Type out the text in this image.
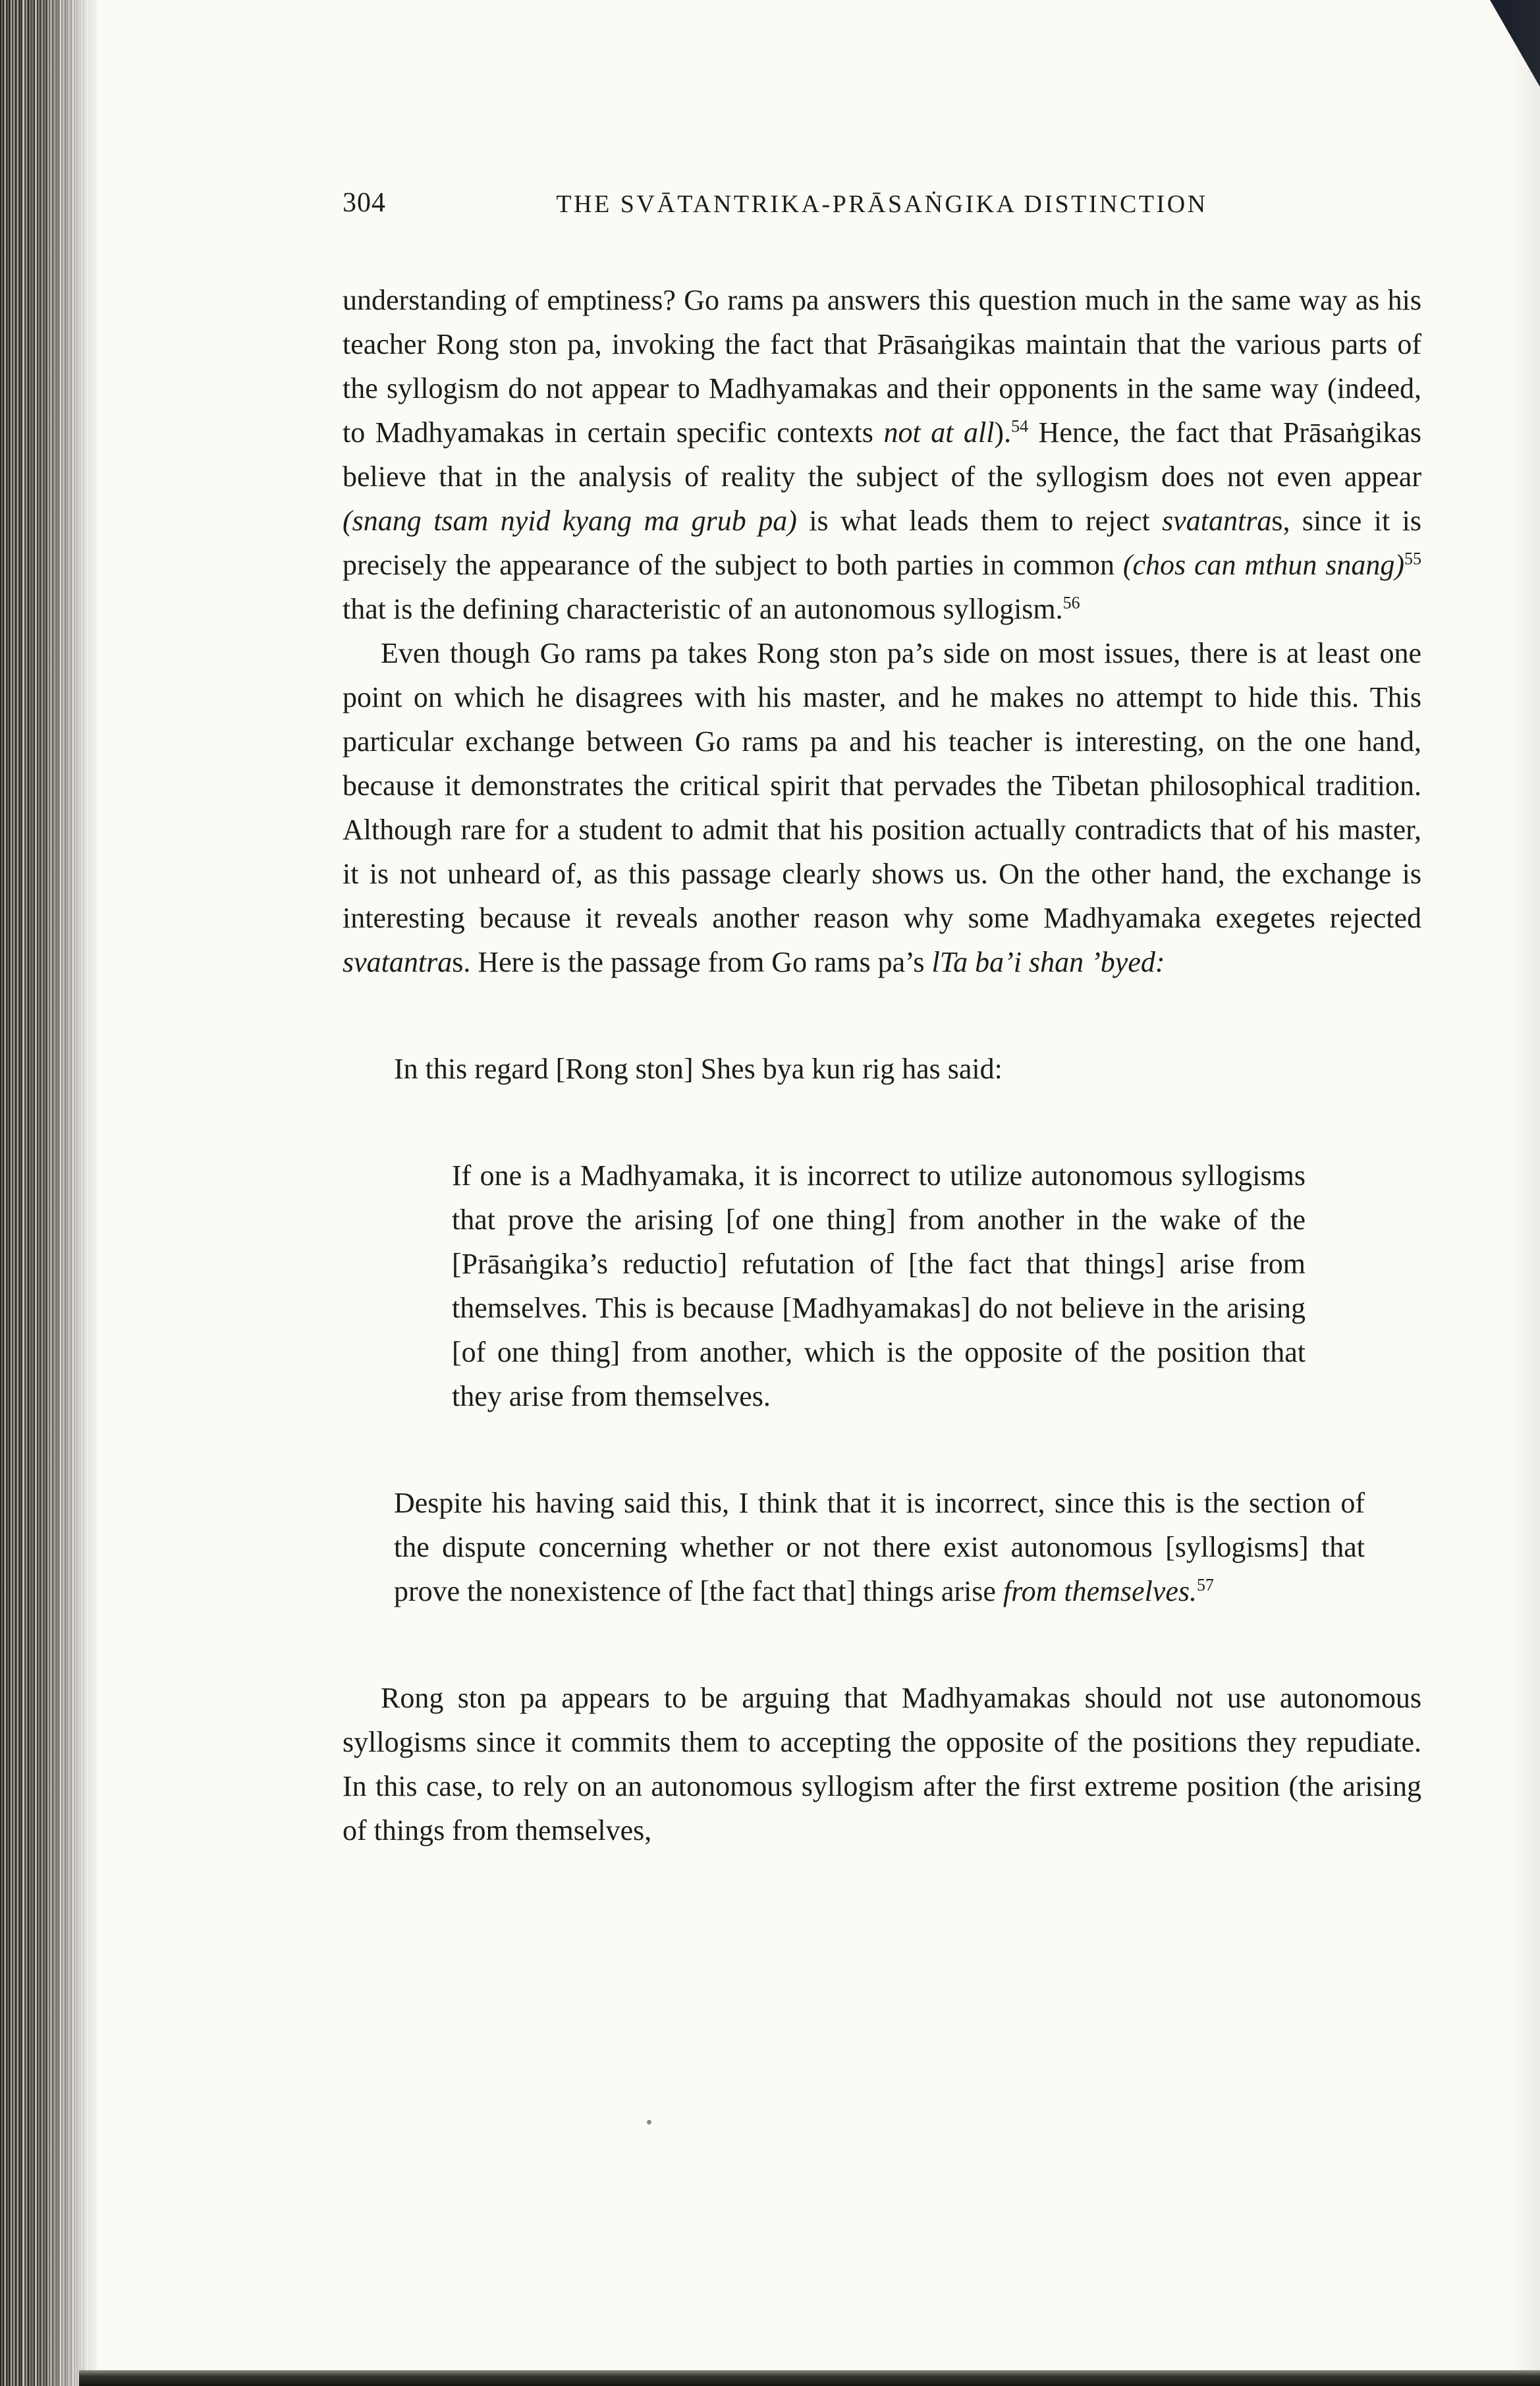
304	THE SVĀTANTRIKA-PRĀSAṄGIKA DISTINCTION

understanding of emptiness? Go rams pa answers this question much in the same way as his teacher Rong ston pa, invoking the fact that Prāsaṅgikas maintain that the various parts of the syllogism do not appear to Madhyamakas and their opponents in the same way (indeed, to Madhyamakas in certain specific contexts not at all).$^{54}$ Hence, the fact that Prāsaṅgikas believe that in the analysis of reality the subject of the syllogism does not even appear (snang tsam nyid kyang ma grub pa) is what leads them to reject svatantras, since it is precisely the appearance of the subject to both parties in common (chos can mthun snang)$^{55}$ that is the defining characteristic of an autonomous syllogism.$^{56}$

Even though Go rams pa takes Rong ston pa’s side on most issues, there is at least one point on which he disagrees with his master, and he makes no attempt to hide this. This particular exchange between Go rams pa and his teacher is interesting, on the one hand, because it demonstrates the critical spirit that pervades the Tibetan philosophical tradition. Although rare for a student to admit that his position actually contradicts that of his master, it is not unheard of, as this passage clearly shows us. On the other hand, the exchange is interesting because it reveals another reason why some Madhyamaka exegetes rejected svatantras. Here is the passage from Go rams pa’s lTa ba’i shan ’byed:

In this regard [Rong ston] Shes bya kun rig has said:
If one is a Madhyamaka, it is incorrect to utilize autonomous syllogisms that prove the arising [of one thing] from another in the wake of the [Prāsaṅgika’s reductio] refutation of [the fact that things] arise from themselves. This is because [Madhyamakas] do not believe in the arising [of one thing] from another, which is the opposite of the position that they arise from themselves.
Despite his having said this, I think that it is incorrect, since this is the section of the dispute concerning whether or not there exist autonomous [syllogisms] that prove the nonexistence of [the fact that] things arise from themselves.$^{57}$

Rong ston pa appears to be arguing that Madhyamakas should not use autonomous syllogisms since it commits them to accepting the opposite of the positions they repudiate. In this case, to rely on an autonomous syllogism after the first extreme position (the arising of things from themselves,
